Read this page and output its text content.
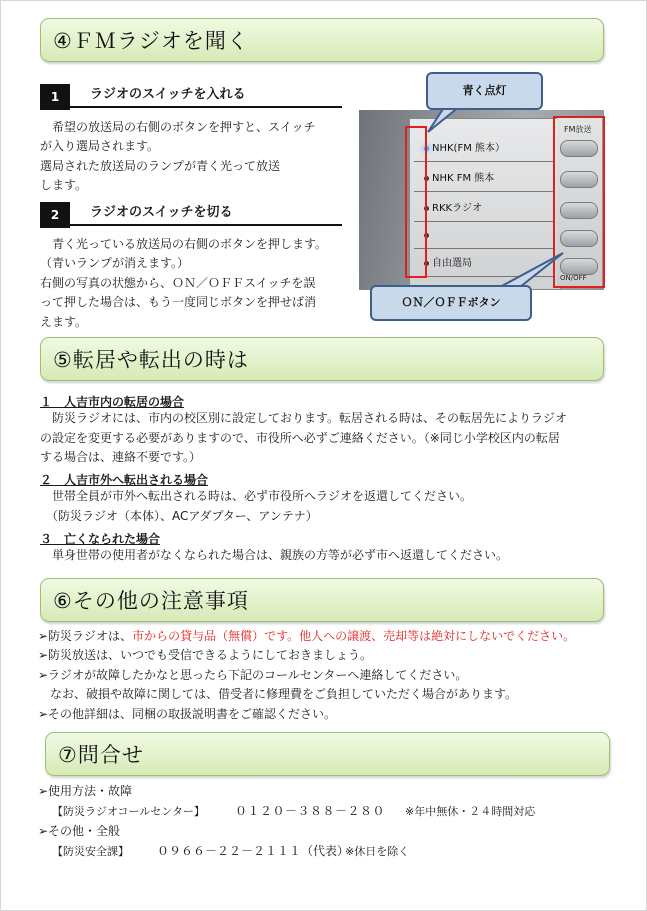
④ＦＭラジオを聞く
1	ラジオのスイッチを入れる
　希望の放送局の右側のボタンを押すと、スイッチ
が入り選局されます。
選局された放送局のランプが青く光って放送
します。
2	ラジオのスイッチを切る
　青く光っている放送局の右側のボタンを押します。
（青いランプが消えます。）
右側の写真の状態から、ＯＮ／ＯＦＦスイッチを誤
って押した場合は、もう一度同じボタンを押せば消
えます。
NHK(FM 熊本）
NHK FM 熊本
RKKラジオ
自由選局
FM放送
ON/OFF
青く点灯
ＯＮ／ＯＦＦボタン
⑤転居や転出の時は
１　人吉市内の転居の場合
　防災ラジオには、市内の校区別に設定しております。転居される時は、その転居先によりラジオ
の設定を変更する必要がありますので、市役所へ必ずご連絡ください。（※同じ小学校区内の転居
する場合は、連絡不要です。）
２　人吉市外へ転出される場合
　世帯全員が市外へ転出される時は、必ず市役所へラジオを返還してください。
　（防災ラジオ（本体）、ACアダプター、アンテナ）
３　亡くなられた場合
　単身世帯の使用者がなくなられた場合は、親族の方等が必ず市へ返還してください。
⑥その他の注意事項
➢防災ラジオは、市からの貸与品（無償）です。他人への譲渡、売却等は絶対にしないでください。
➢防災放送は、いつでも受信できるようにしておきましょう。
➢ラジオが故障したかなと思ったら下記のコールセンターへ連絡してください。
　なお、破損や故障に関しては、借受者に修理費をご負担していただく場合があります。
➢その他詳細は、同梱の取扱説明書をご確認ください。
⑦問合せ
➢使用方法・故障
【防災ラジオコールセンター】	０１２０－３８８－２８０ ※年中無休・２４時間対応
➢その他・全般
【防災安全課】 ０９６６－２２－２１１１（代表）
※休日を除く
